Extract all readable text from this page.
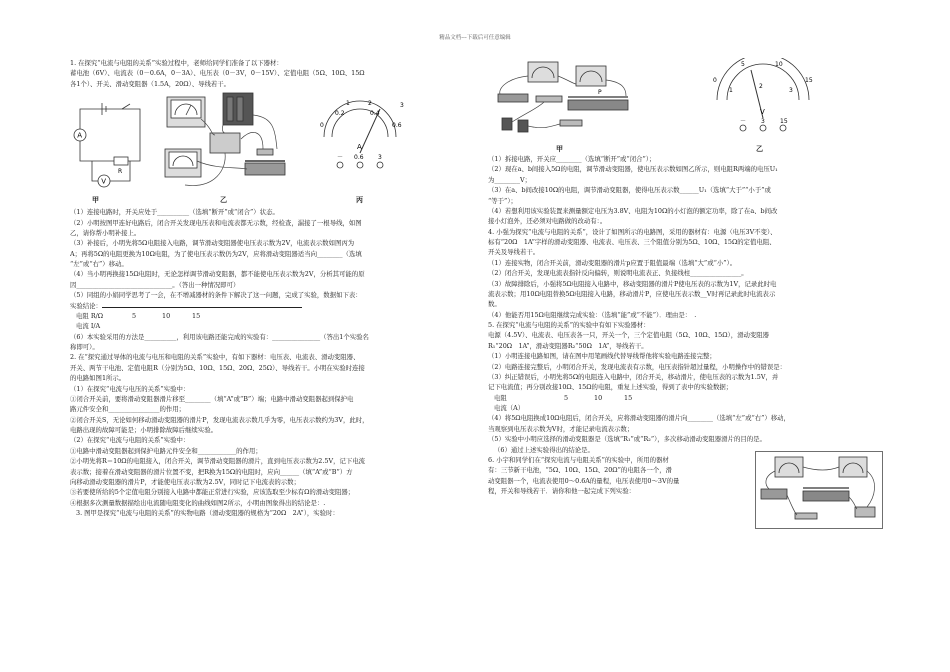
精品文档---下载后可任意编辑

1. 在探究“电流与电阻的关系”实验过程中，老师给同学们准备了以下器材：

蓄电池（6V）、电流表（0－0.6A，0－3A）、电压表（0－3V，0－15V）、定值电阻（5Ω、10Ω、15Ω

各1个）、开关、滑动变阻器（1.5A，20Ω）、导线若干。

A
V
R
甲	乙
0
0.2	0.4
0.6
1	2	3
A
－ 0.6 3
丙

（1）连接电路时，开关应处于__________（选填“断开”或“闭合”）状态。

（2）小明按图甲连好电路后，闭合开关发现电压表和电流表都无示数，经检查，漏接了一根导线，如图

乙，请你帮小明补接上。

（3）补接后，小明先将5Ω电阻接入电路，调节滑动变阻器使电压表示数为2V，电流表示数如图丙为

A；再将5Ω的电阻更换为10Ω电阻，为了使电压表示数仍为2V，应将滑动变阻器适当向________（选填

“左”或“右”）移动。

（4）当小明再换接15Ω电阻时，无论怎样调节滑动变阻器，都不能使电压表示数为2V，分析其可能的原

因______________________________。（答出一种情况即可）

（5）同组的小娟同学思考了一会，在不增减器材的条件下解决了这一问题，完成了实验，数据如下表：

实验结论：

电阻 R/Ω	5	10	15

电流 I/A

（6）本实验采用的方法是__________，利用该电路还能完成的实验有：_______________（答出1个实验名

称即可）。

2. 在“探究通过导体的电流与电压和电阻的关系”实验中，有如下器材：电压表、电流表、滑动变阻器、

开关、两节干电池、定值电阻R（分别为5Ω、10Ω、15Ω、20Ω、25Ω）、导线若干。小明在实验时连接

的电路如图1所示。

（1）在探究“电流与电压的关系”实验中：

①闭合开关前，要将滑动变阻器滑片移至________（填“A”或“B”）端；电路中滑动变阻器起到保护电

路元件安全和________________的作用；

②闭合开关S，无论如何移动滑动变阻器的滑片P，发现电流表示数几乎为零，电压表示数约为3V，此时，

电路出现的故障可能是；小明排除故障后继续实验。

（2）在探究“电流与电阻的关系”实验中：

①电路中滑动变阻器起到保护电路元件安全和____________的作用；

②小明先将R＝10Ω的电阻接入，闭合开关，调节滑动变阻器的滑片，直到电压表示数为2.5V，记下电流

表示数；接着在滑动变阻器的滑片位置不变，把R换为15Ω的电阻时，应向______（填“A”或“B”）方

向移动滑动变阻器的滑片P，才能使电压表示数为2.5V，同时记下电流表的示数；

③若要使所给的5个定值电阻分别接入电路中都能正常进行实验，应该选取至少标有Ω的滑动变阻器；

④根据多次测量数据描绘出电流随电阻变化的曲线如图2所示，小明由图象得出的结论是：.

3. 图甲是探究“电流与电阻的关系”的实物电路（滑动变阻器的规格为“20Ω　2A”），实验时：

P
甲
0
5	10
15
1
2
3
V
－ 3	15
乙

（1）拆接电路，开关应________（选填“断开”或“闭合”）；

（2）现在a、b间接入5Ω的电阻，调节滑动变阻器，使电压表示数如图乙所示，则电阻R两端的电压U₁

为________V；

（3）在a、b间改接10Ω的电阻，调节滑动变阻器，使得电压表示数______U₁（选填“大于”“小于”或

“等于”）；

（4）若想利用该实验装置来测量额定电压为3.8V、电阻为10Ω的小灯泡的额定功率，除了在a、b间改

接小灯泡外，还必须对电路做的改动有：。

4. 小强为探究“电流与电阻的关系”，设计了如图所示的电路图，采用的器材有：电源（电压3V不变）、

标有“20Ω　1A”字样的滑动变阻器、电流表、电压表、三个阻值分别为5Ω、10Ω、15Ω的定值电阻、

开关及导线若干。

（1）连接实物，闭合开关前，滑动变阻器的滑片p应置于阻值最端（选填“大”或“小”）。

（2）闭合开关，发现电流表指针反向偏转，则说明电流表正、负接线柱________________。

（3）故障排除后，小强将5Ω电阻接入电路中，移动变阻器的滑片P使电压表的示数为1V，记录此时电

流表示数；用10Ω电阻替换5Ω电阻接入电路，移动滑片P，应使电压表示数__V时再记录此时电流表示

数。

（4）他能否用15Ω电阻继续完成实验：（选填“能”或“不能”）．理由是：　.

5. 在探究“电流与电阻的关系”的实验中有如下实验器材：

电源（4.5V）、电流表、电压表各一只，开关一个，三个定值电阻（5Ω、10Ω、15Ω），滑动变阻器

R₁“20Ω　1A”，滑动变阻器R₂“50Ω　1A”，导线若干。

（1）小明连接电路如图，请在图中用笔画线代替导线帮他将实验电路连接完整；

（2）电路连接完整后，小明闭合开关，发现电流表有示数，电压表指针超过量程，小明操作中的错误是：

（3）纠正错误后，小明先将5Ω的电阻连入电路中，闭合开关，移动滑片，使电压表的示数为1.5V，并

记下电流值；再分别改接10Ω、15Ω的电阻，重复上述实验，得到了表中的实验数据；

电阻	5	10	15

电流（A）

（4）将5Ω电阻换成10Ω电阻后，闭合开关，应将滑动变阻器的滑片向________（选填“左”或“右”）移动，

当观察到电压表示数为V时，才能记录电流表示数；

（5）实验中小明应选择的滑动变阻器是（选填“R₁”或“R₂”），多次移动滑动变阻器滑片的目的是。

（6）通过上述实验得出的结论是。

6. 小宇和同学们在“探究电流与电阻关系”的实验中，所用的器材

有：三节新干电池，“5Ω、10Ω、15Ω、20Ω”的电阻各一个，滑

动变阻器一个，电流表使用0～0.6A的量程，电压表使用0～3V的量

程，开关和导线若干．请你和他一起完成下列实验：
